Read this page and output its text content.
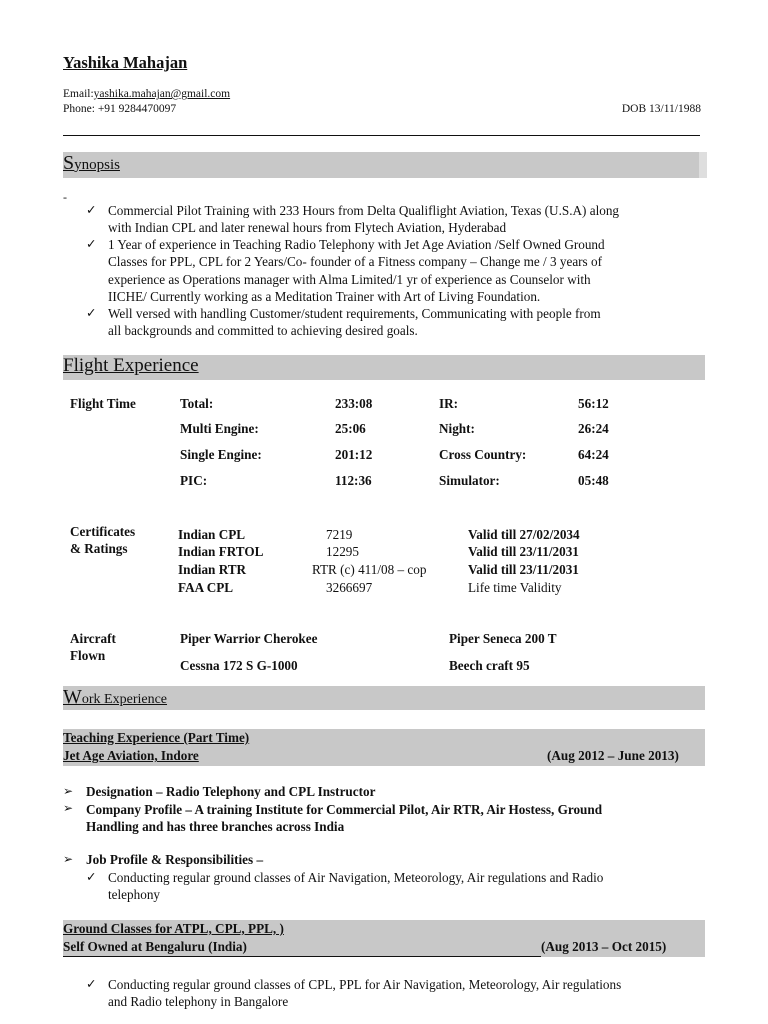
Yashika Mahajan
Email:yashika.mahajan@gmail.com
Phone: +91 9284470097	DOB 13/11/1988
Synopsis
-
✓ Commercial Pilot Training with 233 Hours from Delta Qualiflight Aviation, Texas (U.S.A) along
with Indian CPL and later renewal hours from Flytech Aviation, Hyderabad
✓ 1 Year of experience in Teaching Radio Telephony with Jet Age Aviation /Self Owned Ground
Classes for PPL, CPL for 2 Years/Co- founder of a Fitness company – Change me / 3 years of
experience as Operations manager with Alma Limited/1 yr of experience as Counselor with
IICHE/ Currently working as a Meditation Trainer with Art of Living Foundation.
✓ Well versed with handling Customer/student requirements, Communicating with people from
all backgrounds and committed to achieving desired goals.
Flight Experience
Flight Time	Total:	233:08	IR:	56:12
Multi Engine:	25:06	Night:	26:24
Single Engine:	201:12	Cross Country:	64:24
PIC:	112:36	Simulator:	05:48
Certificates
& Ratings
Indian CPL	7219	Valid till 27/02/2034
Indian FRTOL	12295	Valid till 23/11/2031
Indian RTR	RTR (c) 411/08 – cop	Valid till 23/11/2031
FAA CPL	3266697	Life time Validity
Aircraft
Flown
Piper Warrior Cherokee	Piper Seneca 200 T
Cessna 172 S G-1000	Beech craft 95
Work Experience
Teaching Experience (Part Time)
Jet Age Aviation, Indore	(Aug 2012 – June 2013)
➢ Designation – Radio Telephony and CPL Instructor
➢ Company Profile – A training Institute for Commercial Pilot, Air RTR, Air Hostess, Ground
Handling and has three branches across India
➢ Job Profile & Responsibilities –
✓ Conducting regular ground classes of Air Navigation, Meteorology, Air regulations and Radio
telephony
Ground Classes for ATPL, CPL, PPL, )
Self Owned at Bengaluru (India)	(Aug 2013 – Oct 2015)
✓ Conducting regular ground classes of CPL, PPL for Air Navigation, Meteorology, Air regulations
and Radio telephony in Bangalore
